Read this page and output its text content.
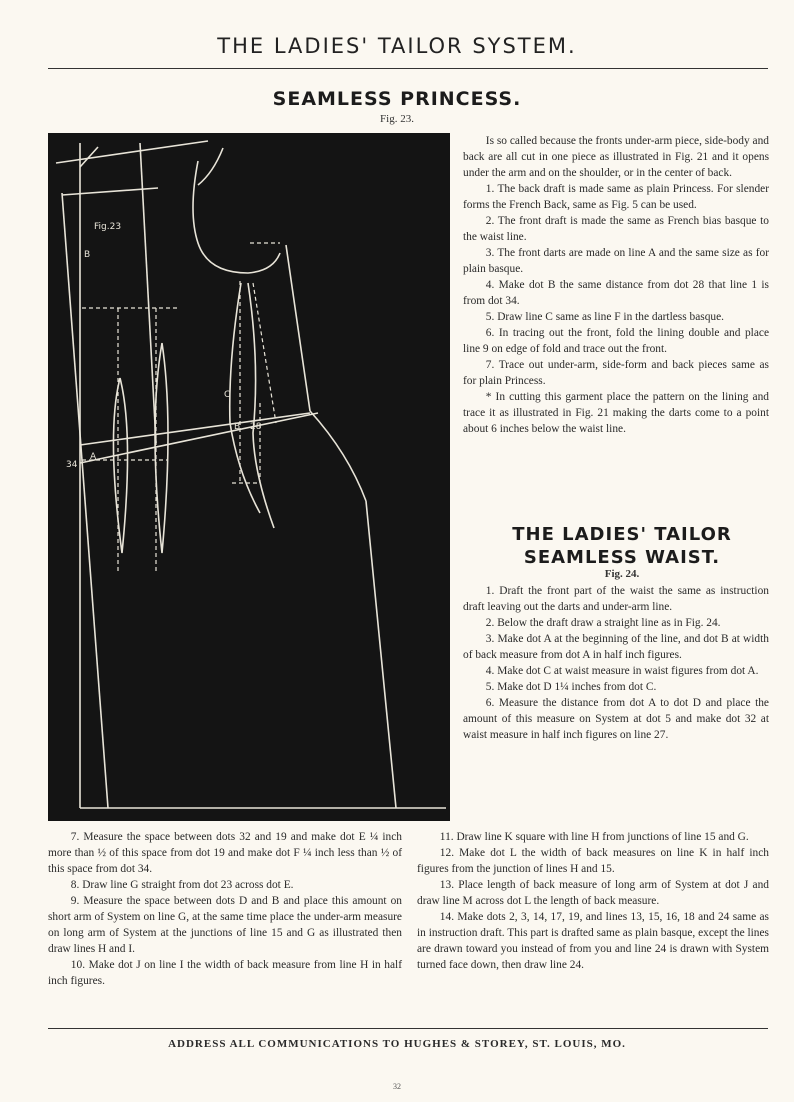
THE LADIES' TAILOR SYSTEM.
SEAMLESS PRINCESS.
Fig. 23.
Fig.23
B
A
34
C
B 28

Is so called because the fronts under-arm piece, side-body and back are all cut in one piece as illustrated in Fig. 21 and it opens under the arm and on the shoulder, or in the center of back.

1. The back draft is made same as plain Princess. For slender forms the French Back, same as Fig. 5 can be used.

2. The front draft is made the same as French bias basque to the waist line.

3. The front darts are made on line A and the same size as for plain basque.

4. Make dot B the same distance from dot 28 that line 1 is from dot 34.

5. Draw line C same as line F in the dartless basque.

6. In tracing out the front, fold the lining double and place line 9 on edge of fold and trace out the front.

7. Trace out under-arm, side-form and back pieces same as for plain Princess.

* In cutting this garment place the pattern on the lining and trace it as illustrated in Fig. 21 making the darts come to a point about 6 inches below the waist line.

THE LADIES' TAILOR
SEAMLESS WAIST.
Fig. 24.

1. Draft the front part of the waist the same as instruction draft leaving out the darts and under-arm line.

2. Below the draft draw a straight line as in Fig. 24.

3. Make dot A at the beginning of the line, and dot B at width of back measure from dot A in half inch figures.

4. Make dot C at waist measure in waist figures from dot A.

5. Make dot D 1¼ inches from dot C.

6. Measure the distance from dot A to dot D and place the amount of this measure on System at dot 5 and make dot 32 at waist measure in half inch figures on line 27.

7. Measure the space between dots 32 and 19 and make dot E ¼ inch more than ½ of this space from dot 19 and make dot F ¼ inch less than ½ of this space from dot 34.

8. Draw line G straight from dot 23 across dot E.

9. Measure the space between dots D and B and place this amount on short arm of System on line G, at the same time place the under-arm measure on long arm of System at the junctions of line 15 and G as illustrated then draw lines H and I.

10. Make dot J on line I the width of back measure from line H in half inch figures.

11. Draw line K square with line H from junctions of line 15 and G.

12. Make dot L the width of back measures on line K in half inch figures from the junction of lines H and 15.

13. Place length of back measure of long arm of System at dot J and draw line M across dot L the length of back measure.

14. Make dots 2, 3, 14, 17, 19, and lines 13, 15, 16, 18 and 24 same as in instruction draft. This part is drafted same as plain basque, except the lines are drawn toward you instead of from you and line 24 is drawn with System turned face down, then draw line 24.

ADDRESS ALL COMMUNICATIONS TO HUGHES & STOREY, ST. LOUIS, MO.
32
